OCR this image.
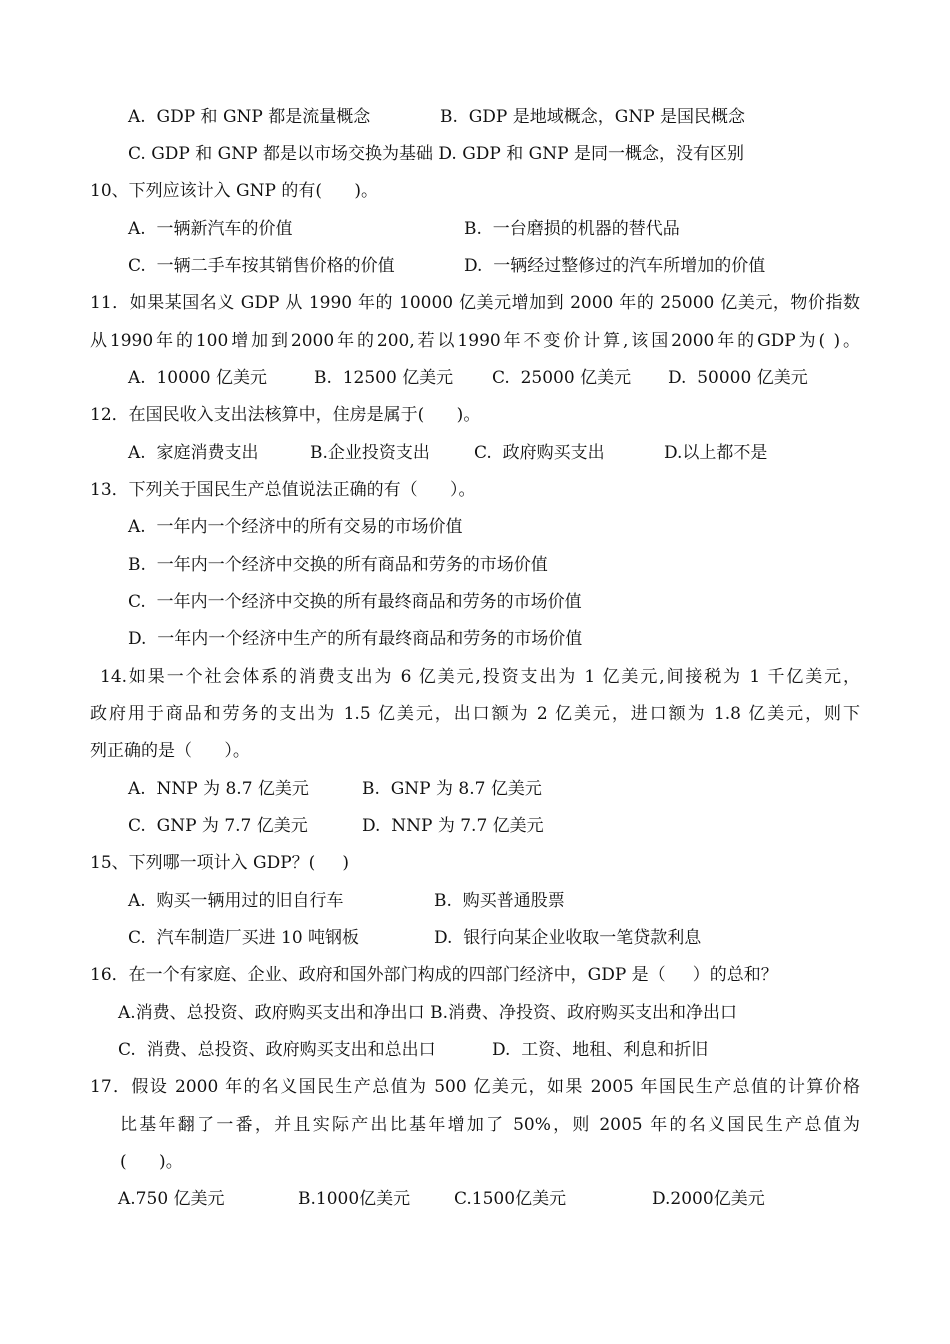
A.  GDP 和 GNP 都是流量概念	B.  GDP 是地域概念，GNP 是国民概念
C. GDP 和 GNP 都是以市场交换为基础 D. GDP 和 GNP 是同一概念，没有区别
10、下列应该计入 GNP 的有(      )。
A.  一辆新汽车的价值	B.  一台磨损的机器的替代品
C.  一辆二手车按其销售价格的价值	D.  一辆经过整修过的汽车所增加的价值
11．如果某国名义 GDP 从 1990 年的 10000 亿美元增加到 2000 年的 25000 亿美元，物价指数
从1990年的100增加到2000年的200,若以1990年不变价计算,该国2000年的GDP为( )。
A.  10000 亿美元	B.  12500 亿美元 C.  25000 亿美元 D.  50000 亿美元
12．在国民收入支出法核算中，住房是属于(      )。
A.  家庭消费支出	B.企业投资支出	C.  政府购买支出	D.以上都不是
13．下列关于国民生产总值说法正确的有（      ）。
A.  一年内一个经济中的所有交易的市场价值
B.  一年内一个经济中交换的所有商品和劳务的市场价值
C.  一年内一个经济中交换的所有最终商品和劳务的市场价值
D.  一年内一个经济中生产的所有最终商品和劳务的市场价值
14.如果一个社会体系的消费支出为 6 亿美元,投资支出为 1 亿美元,间接税为 1 千亿美元，
政府用于商品和劳务的支出为 1.5 亿美元，出口额为 2 亿美元，进口额为 1.8 亿美元，则下
列正确的是（      ）。
A.  NNP 为 8.7 亿美元	B.  GNP 为 8.7 亿美元
C.  GNP 为 7.7 亿美元	D.  NNP 为 7.7 亿美元
15、下列哪一项计入 GDP？(     )
A.  购买一辆用过的旧自行车	B.  购买普通股票
C.  汽车制造厂买进 10 吨钢板	D.  银行向某企业收取一笔贷款利息
16．在一个有家庭、企业、政府和国外部门构成的四部门经济中，GDP 是（     ）的总和？
A.消费、总投资、政府购买支出和净出口 B.消费、净投资、政府购买支出和净出口
C.  消费、总投资、政府购买支出和总出口	D.  工资、地租、利息和折旧
17．假设 2000 年的名义国民生产总值为 500 亿美元，如果 2005 年国民生产总值的计算价格
比基年翻了一番，并且实际产出比基年增加了 50%，则 2005 年的名义国民生产总值为
(      )。
A.750 亿美元	B.1000亿美元	C.1500亿美元	D.2000亿美元
